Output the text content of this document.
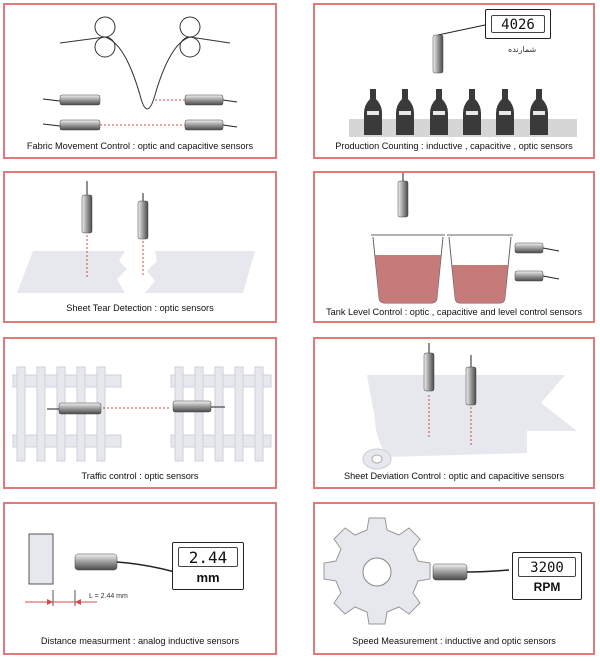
Fabric Movement Control : optic and capacitive sensors
4026
شمارنده
Production Counting : inductive , capacitive , optic sensors
Sheet Tear Detection : optic sensors	Tank Level Control : optic , capacitive and level control sensors
Traffic control : optic sensors	Sheet Deviation Control : optic and capacitive sensors
L = 2.44 mm
2.44
mm
Distance measurment : analog inductive sensors
3200
RPM
Speed Measurement : inductive and optic sensors
